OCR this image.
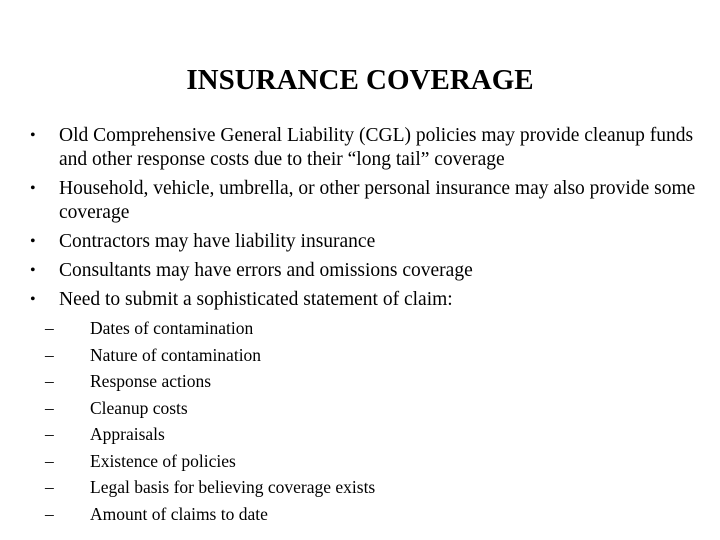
INSURANCE COVERAGE
• Old Comprehensive General Liability (CGL) policies may provide cleanup funds and other response costs due to their “long tail” coverage
• Household, vehicle, umbrella, or other personal insurance may also provide some coverage
• Contractors may have liability insurance
• Consultants may have errors and omissions coverage
• Need to submit a sophisticated statement of claim:
– Dates of contamination
– Nature of contamination
– Response actions
– Cleanup costs
– Appraisals
– Existence of policies
– Legal basis for believing coverage exists
– Amount of claims to date
